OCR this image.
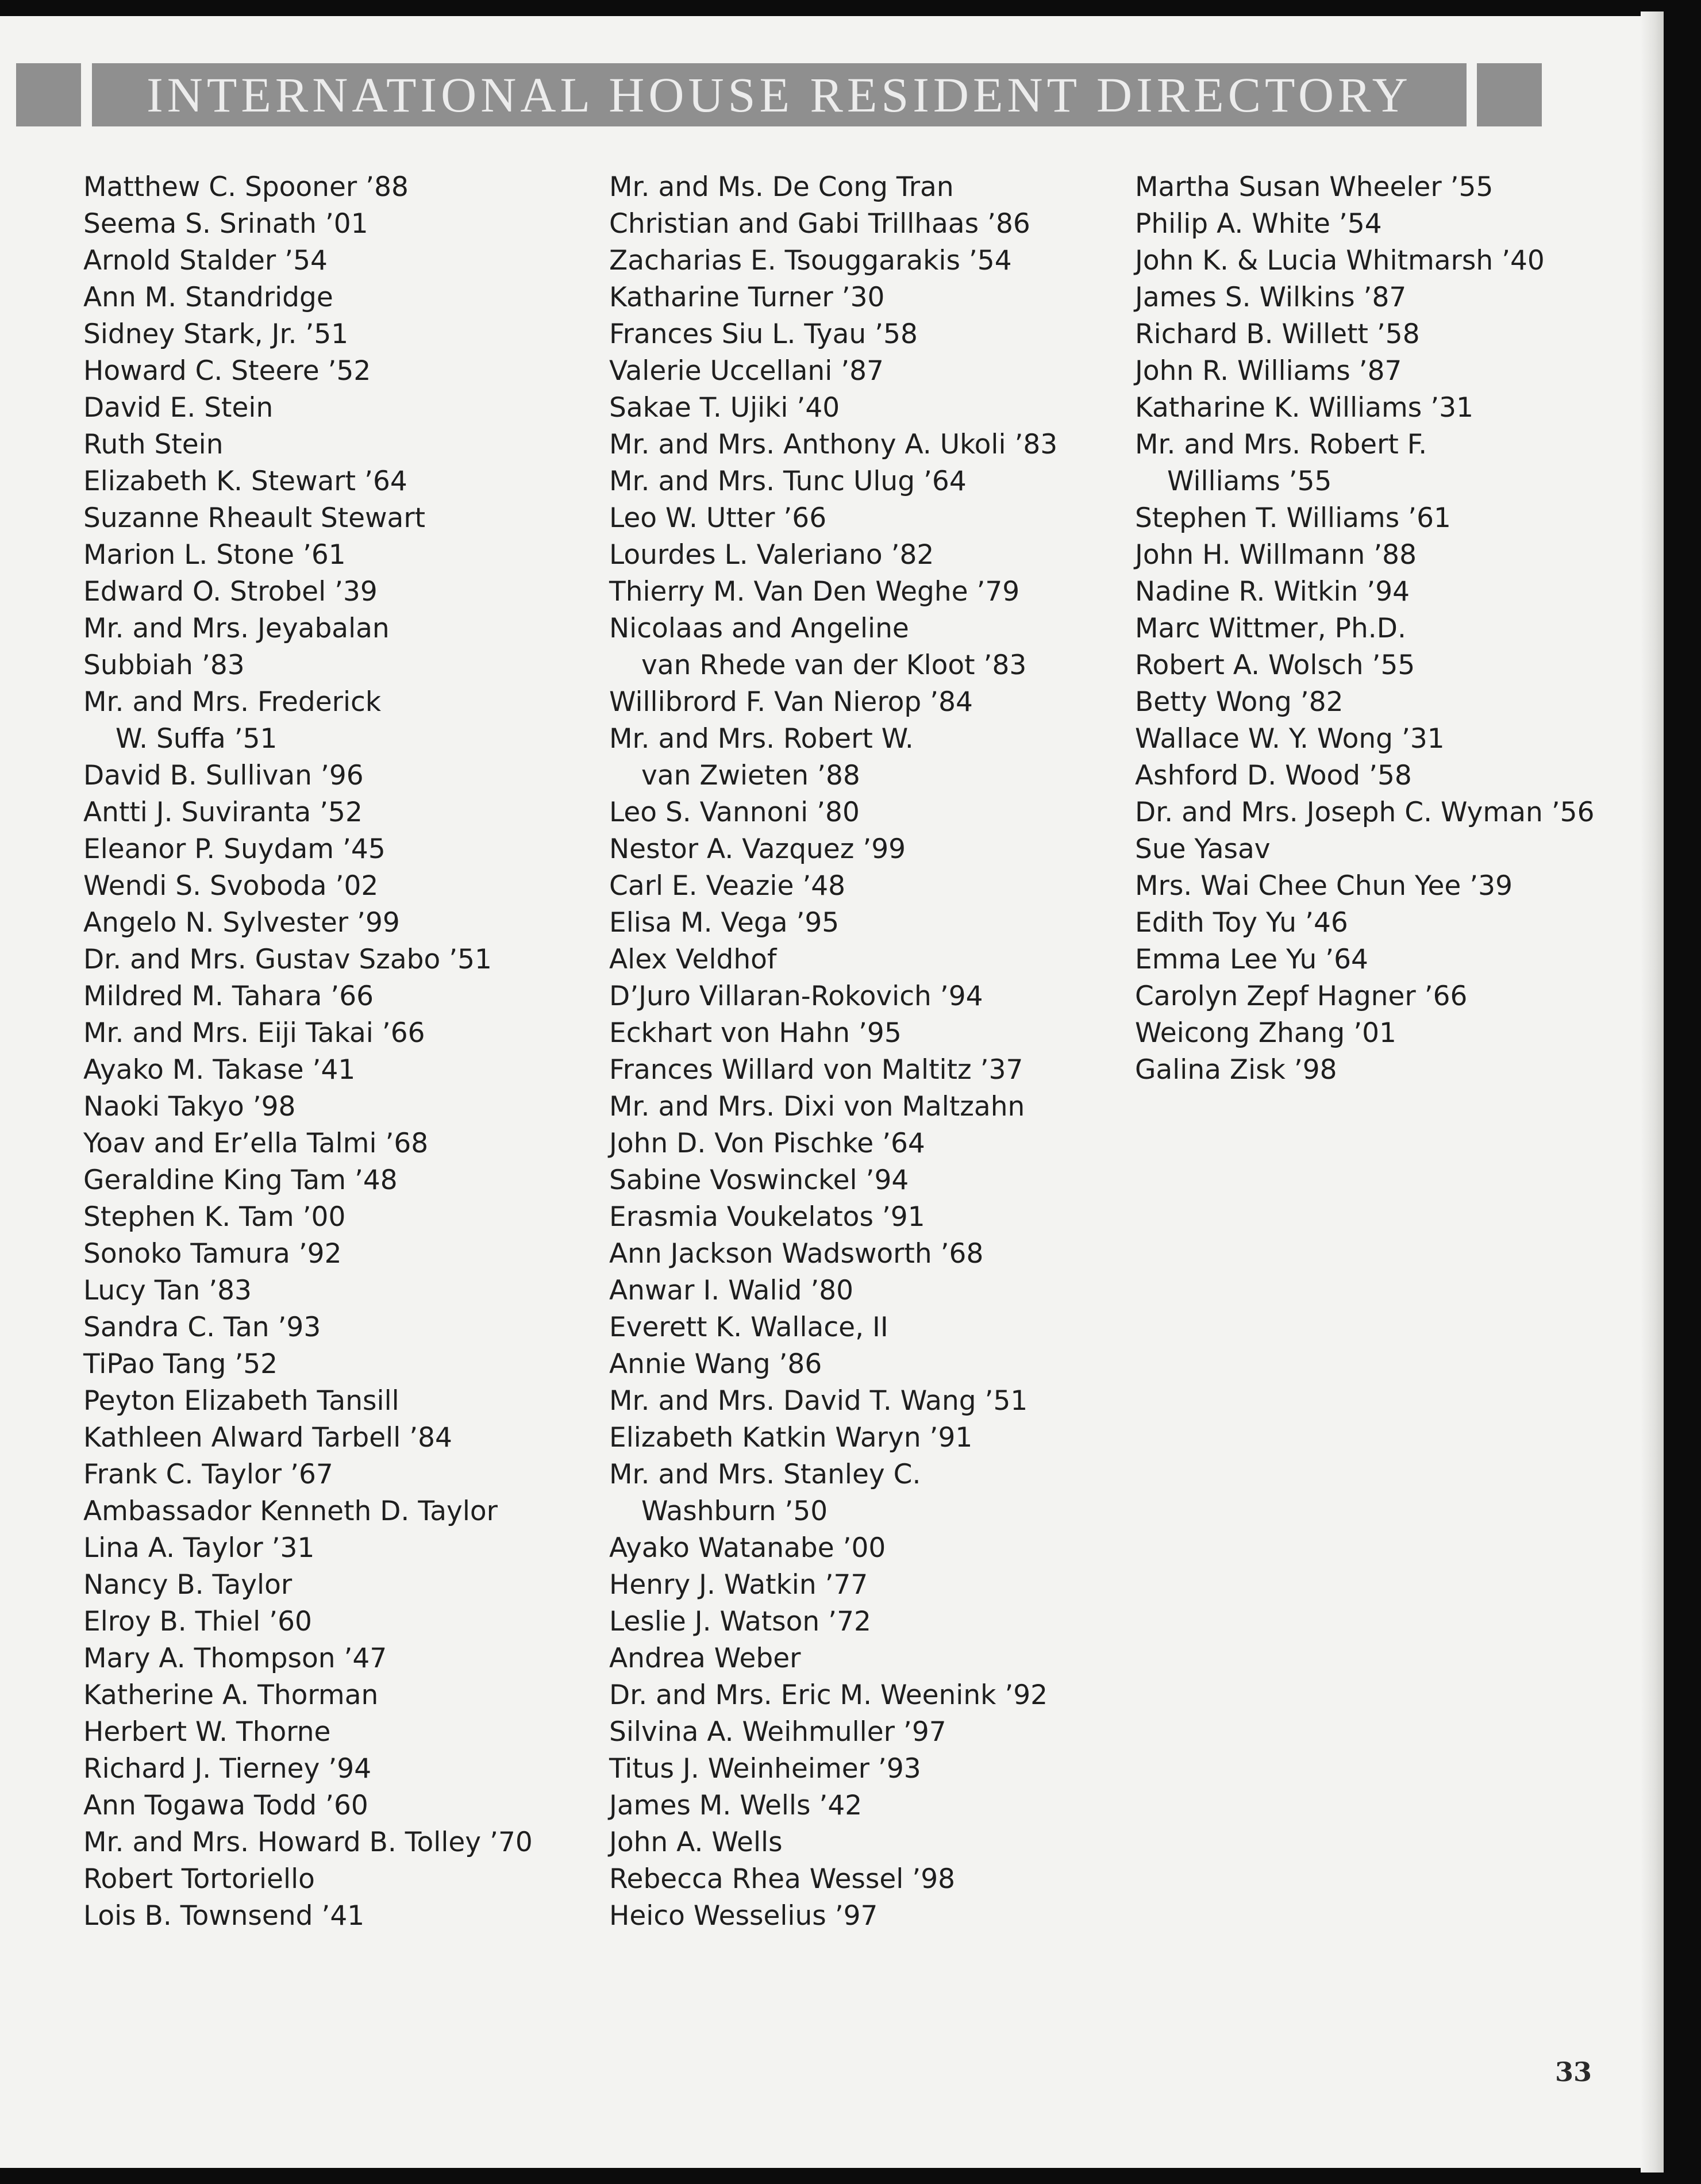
INTERNATIONAL HOUSE RESIDENT DIRECTORY
Matthew C. Spooner ’88
Seema S. Srinath ’01
Arnold Stalder ’54
Ann M. Standridge
Sidney Stark, Jr. ’51
Howard C. Steere ’52
David E. Stein
Ruth Stein
Elizabeth K. Stewart ’64
Suzanne Rheault Stewart
Marion L. Stone ’61
Edward O. Strobel ’39
Mr. and Mrs. Jeyabalan
Subbiah ’83
Mr. and Mrs. Frederick
W. Suffa ’51
David B. Sullivan ’96
Antti J. Suviranta ’52
Eleanor P. Suydam ’45
Wendi S. Svoboda ’02
Angelo N. Sylvester ’99
Dr. and Mrs. Gustav Szabo ’51
Mildred M. Tahara ’66
Mr. and Mrs. Eiji Takai ’66
Ayako M. Takase ’41
Naoki Takyo ’98
Yoav and Er’ella Talmi ’68
Geraldine King Tam ’48
Stephen K. Tam ’00
Sonoko Tamura ’92
Lucy Tan ’83
Sandra C. Tan ’93
TiPao Tang ’52
Peyton Elizabeth Tansill
Kathleen Alward Tarbell ’84
Frank C. Taylor ’67
Ambassador Kenneth D. Taylor
Lina A. Taylor ’31
Nancy B. Taylor
Elroy B. Thiel ’60
Mary A. Thompson ’47
Katherine A. Thorman
Herbert W. Thorne
Richard J. Tierney ’94
Ann Togawa Todd ’60
Mr. and Mrs. Howard B. Tolley ’70
Robert Tortoriello
Lois B. Townsend ’41
Mr. and Ms. De Cong Tran
Christian and Gabi Trillhaas ’86
Zacharias E. Tsouggarakis ’54
Katharine Turner ’30
Frances Siu L. Tyau ’58
Valerie Uccellani ’87
Sakae T. Ujiki ’40
Mr. and Mrs. Anthony A. Ukoli ’83
Mr. and Mrs. Tunc Ulug ’64
Leo W. Utter ’66
Lourdes L. Valeriano ’82
Thierry M. Van Den Weghe ’79
Nicolaas and Angeline
van Rhede van der Kloot ’83
Willibrord F. Van Nierop ’84
Mr. and Mrs. Robert W.
van Zwieten ’88
Leo S. Vannoni ’80
Nestor A. Vazquez ’99
Carl E. Veazie ’48
Elisa M. Vega ’95
Alex Veldhof
D’Juro Villaran-Rokovich ’94
Eckhart von Hahn ’95
Frances Willard von Maltitz ’37
Mr. and Mrs. Dixi von Maltzahn
John D. Von Pischke ’64
Sabine Voswinckel ’94
Erasmia Voukelatos ’91
Ann Jackson Wadsworth ’68
Anwar I. Walid ’80
Everett K. Wallace, II
Annie Wang ’86
Mr. and Mrs. David T. Wang ’51
Elizabeth Katkin Waryn ’91
Mr. and Mrs. Stanley C.
Washburn ’50
Ayako Watanabe ’00
Henry J. Watkin ’77
Leslie J. Watson ’72
Andrea Weber
Dr. and Mrs. Eric M. Weenink ’92
Silvina A. Weihmuller ’97
Titus J. Weinheimer ’93
James M. Wells ’42
John A. Wells
Rebecca Rhea Wessel ’98
Heico Wesselius ’97
Martha Susan Wheeler ’55
Philip A. White ’54
John K. & Lucia Whitmarsh ’40
James S. Wilkins ’87
Richard B. Willett ’58
John R. Williams ’87
Katharine K. Williams ’31
Mr. and Mrs. Robert F.
Williams ’55
Stephen T. Williams ’61
John H. Willmann ’88
Nadine R. Witkin ’94
Marc Wittmer, Ph.D.
Robert A. Wolsch ’55
Betty Wong ’82
Wallace W. Y. Wong ’31
Ashford D. Wood ’58
Dr. and Mrs. Joseph C. Wyman ’56
Sue Yasav
Mrs. Wai Chee Chun Yee ’39
Edith Toy Yu ’46
Emma Lee Yu ’64
Carolyn Zepf Hagner ’66
Weicong Zhang ’01
Galina Zisk ’98
33
